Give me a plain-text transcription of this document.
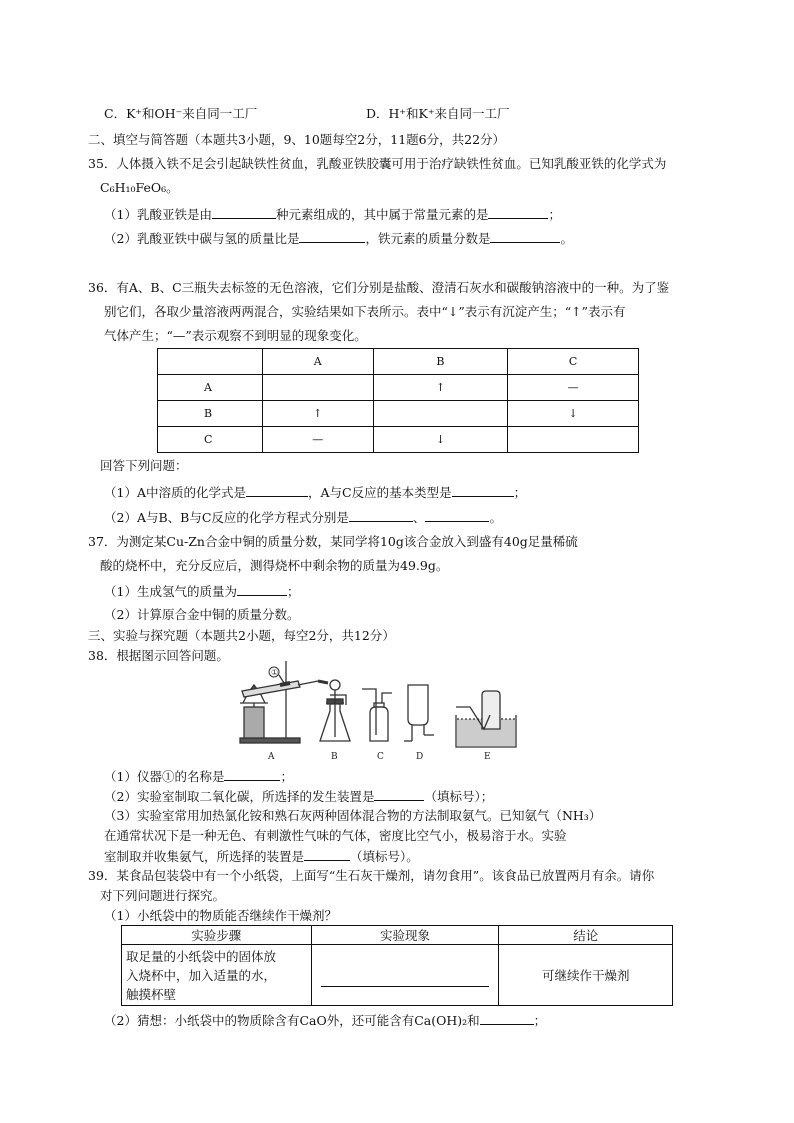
C．K⁺和OH⁻来自同一工厂	D．H⁺和K⁺来自同一工厂
二、填空与简答题（本题共3小题，9、10题每空2分，11题6分，共22分）
35．人体摄入铁不足会引起缺铁性贫血，乳酸亚铁胶囊可用于治疗缺铁性贫血。已知乳酸亚铁的化学式为
C₆H₁₀FeO₆。
（1）乳酸亚铁是由	种元素组成的，其中属于常量元素的是	；
（2）乳酸亚铁中碳与氢的质量比是	，铁元素的质量分数是	。
36．有A、B、C三瓶失去标签的无色溶液，它们分别是盐酸、澄清石灰水和碳酸钠溶液中的一种。为了鉴
别它们，各取少量溶液两两混合，实验结果如下表所示。表中“↓”表示有沉淀产生；“↑”表示有
气体产生；“—”表示观察不到明显的现象变化。
	A	B	C
A		↑	—
B	↑		↓
C	—	↓	
回答下列问题：
（1）A中溶质的化学式是	，A与C反应的基本类型是	；
（2）A与B、B与C反应的化学方程式分别是	、	。
37．为测定某Cu-Zn合金中铜的质量分数，某同学将10g该合金放入到盛有40g足量稀硫
酸的烧杯中，充分反应后，测得烧杯中剩余物的质量为49.9g。
（1）生成氢气的质量为	；
（2）计算原合金中铜的质量分数。
三、实验与探究题（本题共2小题，每空2分，共12分）
38．根据图示回答问题。
①
A	B	C	D	E
（1）仪器①的名称是	；
（2）实验室制取二氧化碳，所选择的发生装置是	（填标号）；
（3）实验室常用加热氯化铵和熟石灰两种固体混合物的方法制取氨气。已知氨气（NH₃）
在通常状况下是一种无色、有刺激性气味的气体，密度比空气小，极易溶于水。实验
室制取并收集氨气，所选择的装置是	（填标号）。
39．某食品包装袋中有一个小纸袋，上面写“生石灰干燥剂，请勿食用”。该食品已放置两月有余。请你
对下列问题进行探究。
（1）小纸袋中的物质能否继续作干燥剂？
实验步骤	实验现象	结论

取足量的小纸袋中的固体放
入烧杯中，加入适量的水，
触摸杯壁		可继续作干燥剂
（2）猜想：小纸袋中的物质除含有CaO外，还可能含有Ca(OH)₂和	；
